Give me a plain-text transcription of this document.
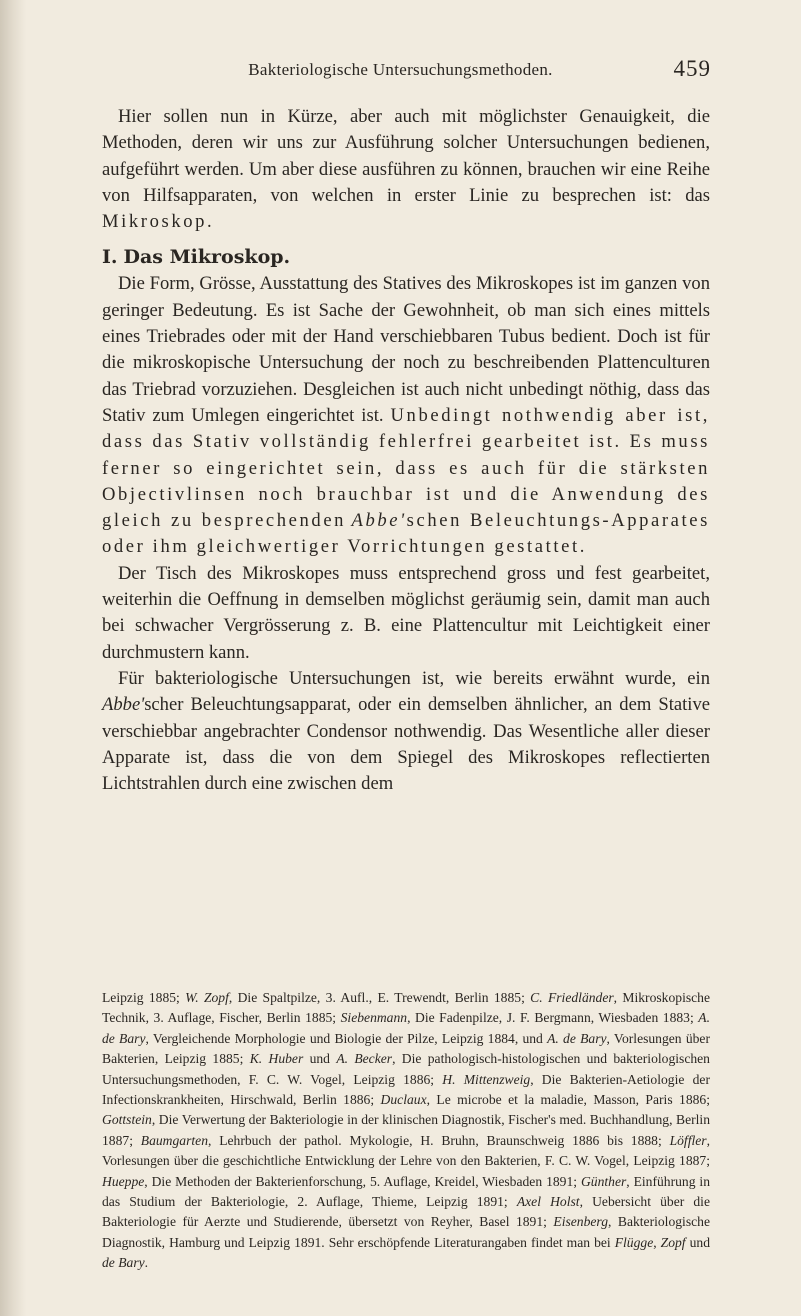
Bakteriologische Untersuchungsmethoden.	459

Hier sollen nun in Kürze, aber auch mit möglichster Genauigkeit, die Methoden, deren wir uns zur Ausführung solcher Untersuchungen bedienen, aufgeführt werden. Um aber diese ausführen zu können, brauchen wir eine Reihe von Hilfsapparaten, von welchen in erster Linie zu besprechen ist: das Mikroskop.

I. Das Mikroskop.

Die Form, Grösse, Ausstattung des Statives des Mikroskopes ist im ganzen von geringer Bedeutung. Es ist Sache der Gewohnheit, ob man sich eines mittels eines Triebrades oder mit der Hand verschiebbaren Tubus bedient. Doch ist für die mikroskopische Untersuchung der noch zu beschreibenden Plattenculturen das Triebrad vorzuziehen. Desgleichen ist auch nicht unbedingt nöthig, dass das Stativ zum Umlegen eingerichtet ist. Unbedingt nothwendig aber ist, dass das Stativ vollständig fehlerfrei gearbeitet ist. Es muss ferner so eingerichtet sein, dass es auch für die stärksten Objectivlinsen noch brauchbar ist und die Anwendung des gleich zu besprechenden Abbe'schen Beleuchtungs-Apparates oder ihm gleichwertiger Vorrichtungen gestattet.

Der Tisch des Mikroskopes muss entsprechend gross und fest gearbeitet, weiterhin die Oeffnung in demselben möglichst geräumig sein, damit man auch bei schwacher Vergrösserung z. B. eine Plattencultur mit Leichtigkeit einer durchmustern kann.

Für bakteriologische Untersuchungen ist, wie bereits erwähnt wurde, ein Abbe'scher Beleuchtungsapparat, oder ein demselben ähnlicher, an dem Stative verschiebbar angebrachter Condensor nothwendig. Das Wesentliche aller dieser Apparate ist, dass die von dem Spiegel des Mikroskopes reflectierten Lichtstrahlen durch eine zwischen dem

Leipzig 1885; W. Zopf, Die Spaltpilze, 3. Aufl., E. Trewendt, Berlin 1885; C. Friedländer, Mikroskopische Technik, 3. Auflage, Fischer, Berlin 1885; Siebenmann, Die Fadenpilze, J. F. Bergmann, Wiesbaden 1883; A. de Bary, Vergleichende Morphologie und Biologie der Pilze, Leipzig 1884, und A. de Bary, Vorlesungen über Bakterien, Leipzig 1885; K. Huber und A. Becker, Die pathologisch-histologischen und bakteriologischen Untersuchungsmethoden, F. C. W. Vogel, Leipzig 1886; H. Mittenzweig, Die Bakterien-Aetiologie der Infectionskrankheiten, Hirschwald, Berlin 1886; Duclaux, Le microbe et la maladie, Masson, Paris 1886; Gottstein, Die Verwertung der Bakteriologie in der klinischen Diagnostik, Fischer's med. Buchhandlung, Berlin 1887; Baumgarten, Lehrbuch der pathol. Mykologie, H. Bruhn, Braunschweig 1886 bis 1888; Löffler, Vorlesungen über die geschichtliche Entwicklung der Lehre von den Bakterien, F. C. W. Vogel, Leipzig 1887; Hueppe, Die Methoden der Bakterienforschung, 5. Auflage, Kreidel, Wiesbaden 1891; Günther, Einführung in das Studium der Bakteriologie, 2. Auflage, Thieme, Leipzig 1891; Axel Holst, Uebersicht über die Bakteriologie für Aerzte und Studierende, übersetzt von Reyher, Basel 1891; Eisenberg, Bakteriologische Diagnostik, Hamburg und Leipzig 1891. Sehr erschöpfende Literaturangaben findet man bei Flügge, Zopf und de Bary.
